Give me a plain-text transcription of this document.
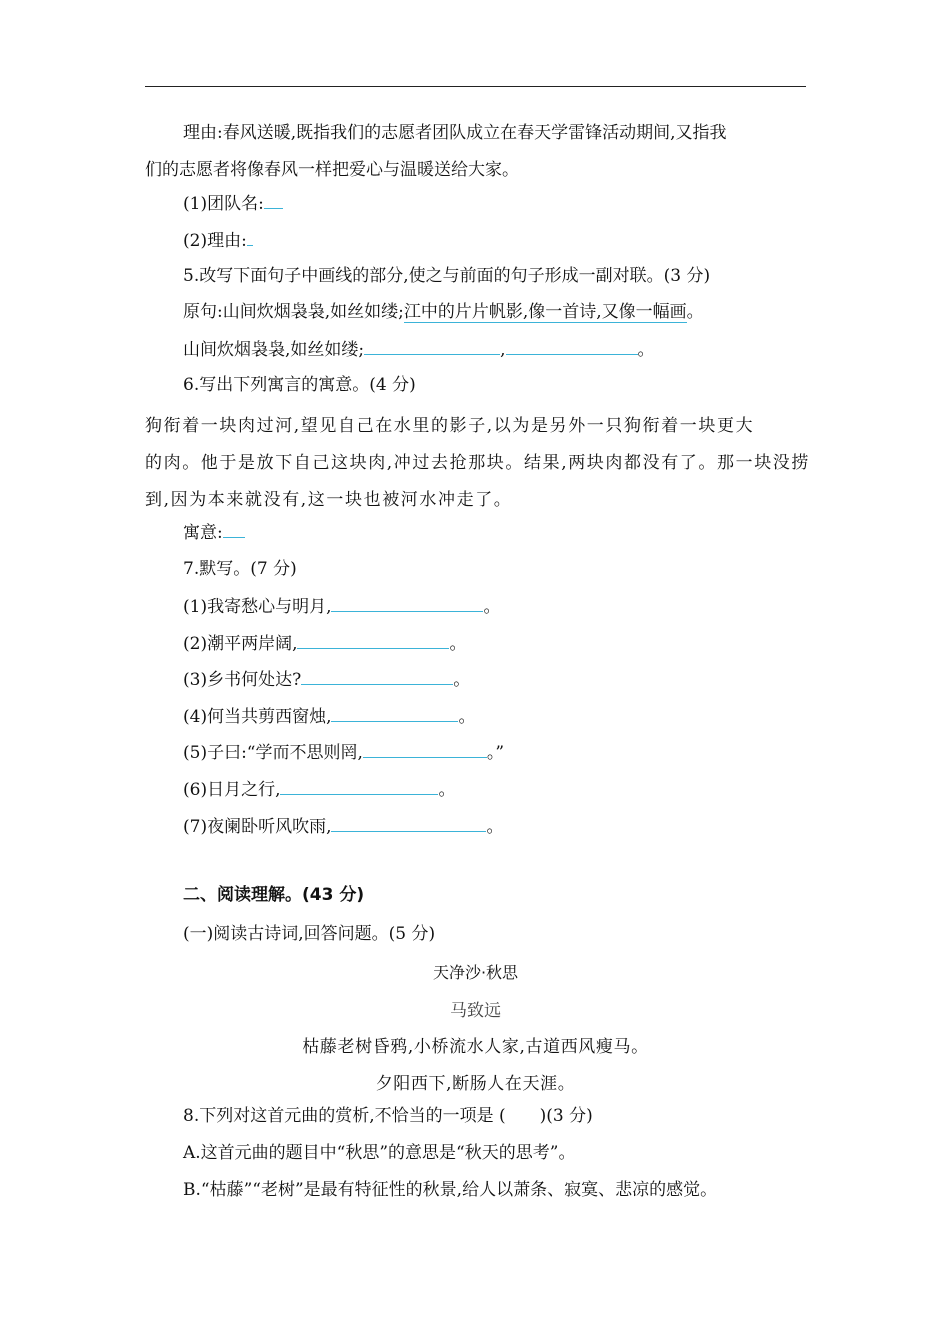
理由:春风送暖,既指我们的志愿者团队成立在春天学雷锋活动期间,又指我
们的志愿者将像春风一样把爱心与温暖送给大家。
(1)团队名:
(2)理由:
5.改写下面句子中画线的部分,使之与前面的句子形成一副对联。(3 分)
原句:山间炊烟袅袅,如丝如缕;江中的片片帆影,像一首诗,又像一幅画。
山间炊烟袅袅,如丝如缕;	,	。
6.写出下列寓言的寓意。(4 分)
狗衔着一块肉过河,望见自己在水里的影子,以为是另外一只狗衔着一块更大
的肉。他于是放下自己这块肉,冲过去抢那块。结果,两块肉都没有了。那一块没捞
到,因为本来就没有,这一块也被河水冲走了。
寓意:
7.默写。(7 分)
(1)我寄愁心与明月,	。
(2)潮平两岸阔,	。
(3)乡书何处达?	。
(4)何当共剪西窗烛,	。
(5)子曰:“学而不思则罔,	。”
(6)日月之行,	。
(7)夜阑卧听风吹雨,	。
二、阅读理解。(43 分)
(一)阅读古诗词,回答问题。(5 分)
天净沙·秋思
马致远
枯藤老树昏鸦,小桥流水人家,古道西风瘦马。
夕阳西下,断肠人在天涯。
8.下列对这首元曲的赏析,不恰当的一项是 (　　)(3 分)
A.这首元曲的题目中“秋思”的意思是“秋天的思考”。
B.“枯藤”“老树”是最有特征性的秋景,给人以萧条、寂寞、悲凉的感觉。
